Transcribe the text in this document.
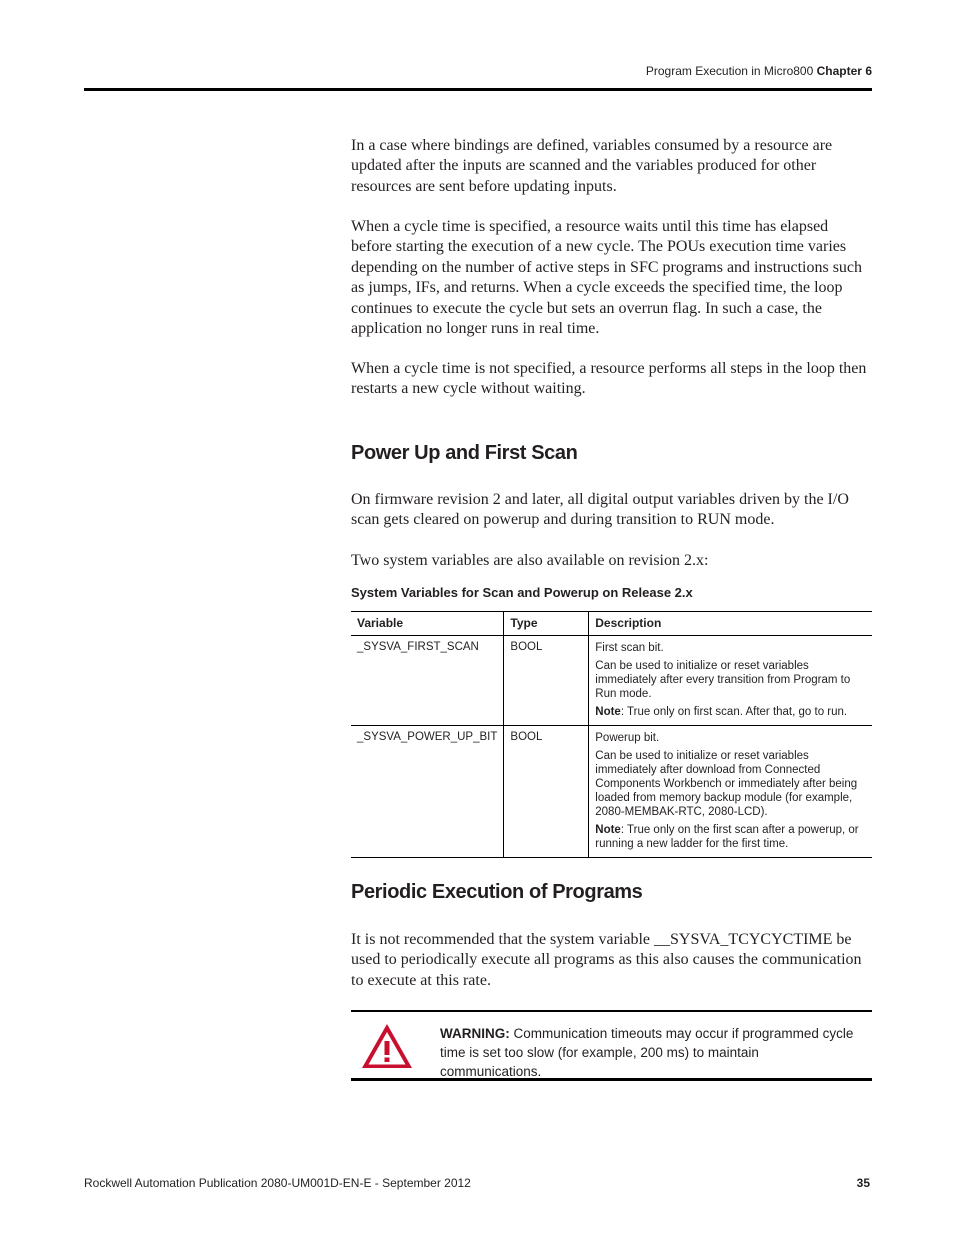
Program Execution in Micro800 Chapter 6

In a case where bindings are defined, variables consumed by a resource are updated after the inputs are scanned and the variables produced for other resources are sent before updating inputs.

When a cycle time is specified, a resource waits until this time has elapsed before starting the execution of a new cycle. The POUs execution time varies depending on the number of active steps in SFC programs and instructions such as jumps, IFs, and returns. When a cycle exceeds the specified time, the loop continues to execute the cycle but sets an overrun flag. In such a case, the application no longer runs in real time.

When a cycle time is not specified, a resource performs all steps in the loop then restarts a new cycle without waiting.

Power Up and First Scan

On firmware revision 2 and later, all digital output variables driven by the I/O scan gets cleared on powerup and during transition to RUN mode.

Two system variables are also available on revision 2.x:

System Variables for Scan and Powerup on Release 2.x
Variable	Type	Description
_SYSVA_FIRST_SCAN	BOOL	First scan bit.

Can be used to initialize or reset variables immediately after every transition from Program to Run mode.

Note: True only on first scan. After that, go to run.

_SYSVA_POWER_UP_BIT	BOOL	Powerup bit.

Can be used to initialize or reset variables immediately after download from Connected Components Workbench or immediately after being loaded from memory backup module (for example, 2080-MEMBAK-RTC, 2080-LCD).

Note: True only on the first scan after a powerup, or running a new ladder for the first time.

Periodic Execution of Programs

It is not recommended that the system variable __SYSVA_TCYCYCTIME be used to periodically execute all programs as this also causes the communication to execute at this rate.

WARNING: Communication timeouts may occur if programmed cycle time is set too slow (for example, 200 ms) to maintain communications.
Rockwell Automation Publication 2080-UM001D-EN-E - September 2012	35
